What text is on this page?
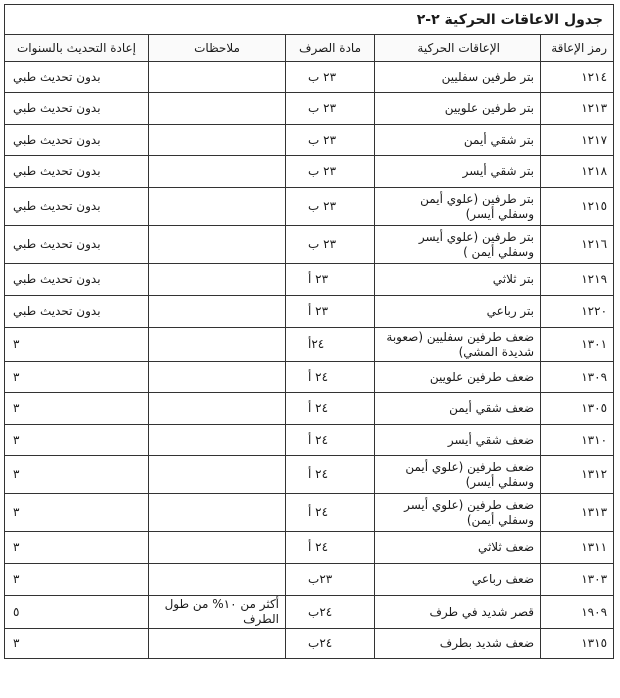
جدول الاعاقات الحركية ٢-٢				
رمز الإعاقة	الإعاقات الحركية	مادة الصرف	ملاحظات	إعادة التحديث بالسنوات
١٢١٤	بتر طرفين سفليين	٢٣ ب		بدون تحديث طبي
١٢١٣	بتر طرفين علويين	٢٣ ب		بدون تحديث طبي
١٢١٧	بتر شقي أيمن	٢٣ ب		بدون تحديث طبي
١٢١٨	بتر شقي أيسر	٢٣ ب		بدون تحديث طبي
١٢١٥	بتر طرفين (علوي أيمن وسفلي أيسر)	٢٣ ب		بدون تحديث طبي
١٢١٦	بتر طرفين (علوي أيسر وسفلي أيمن )	٢٣ ب		بدون تحديث طبي
١٢١٩	بتر ثلاثي	٢٣ أ		بدون تحديث طبي
١٢٢٠	بتر رباعي	٢٣ أ		بدون تحديث طبي
١٣٠١	ضعف طرفين سفليين (صعوبة شديدة المشي)	٢٤أ		٣
١٣٠٩	ضعف طرفين علويين	٢٤ أ		٣
١٣٠٥	ضعف شقي أيمن	٢٤ أ		٣
١٣١٠	ضعف شقي أيسر	٢٤ أ		٣
١٣١٢	ضعف طرفين (علوي أيمن وسفلي أيسر)	٢٤ أ		٣
١٣١٣	ضعف طرفين (علوي أيسر وسفلي أيمن)	٢٤ أ		٣
١٣١١	ضعف ثلاثي	٢٤ أ		٣
١٣٠٣	ضعف رباعي	٢٣ب		٣
١٩٠٩	قصر شديد في طرف	٢٤ب	أكثر من ١٠% من طول الطرف	٥
١٣١٥	ضعف شديد بطرف	٢٤ب		٣
